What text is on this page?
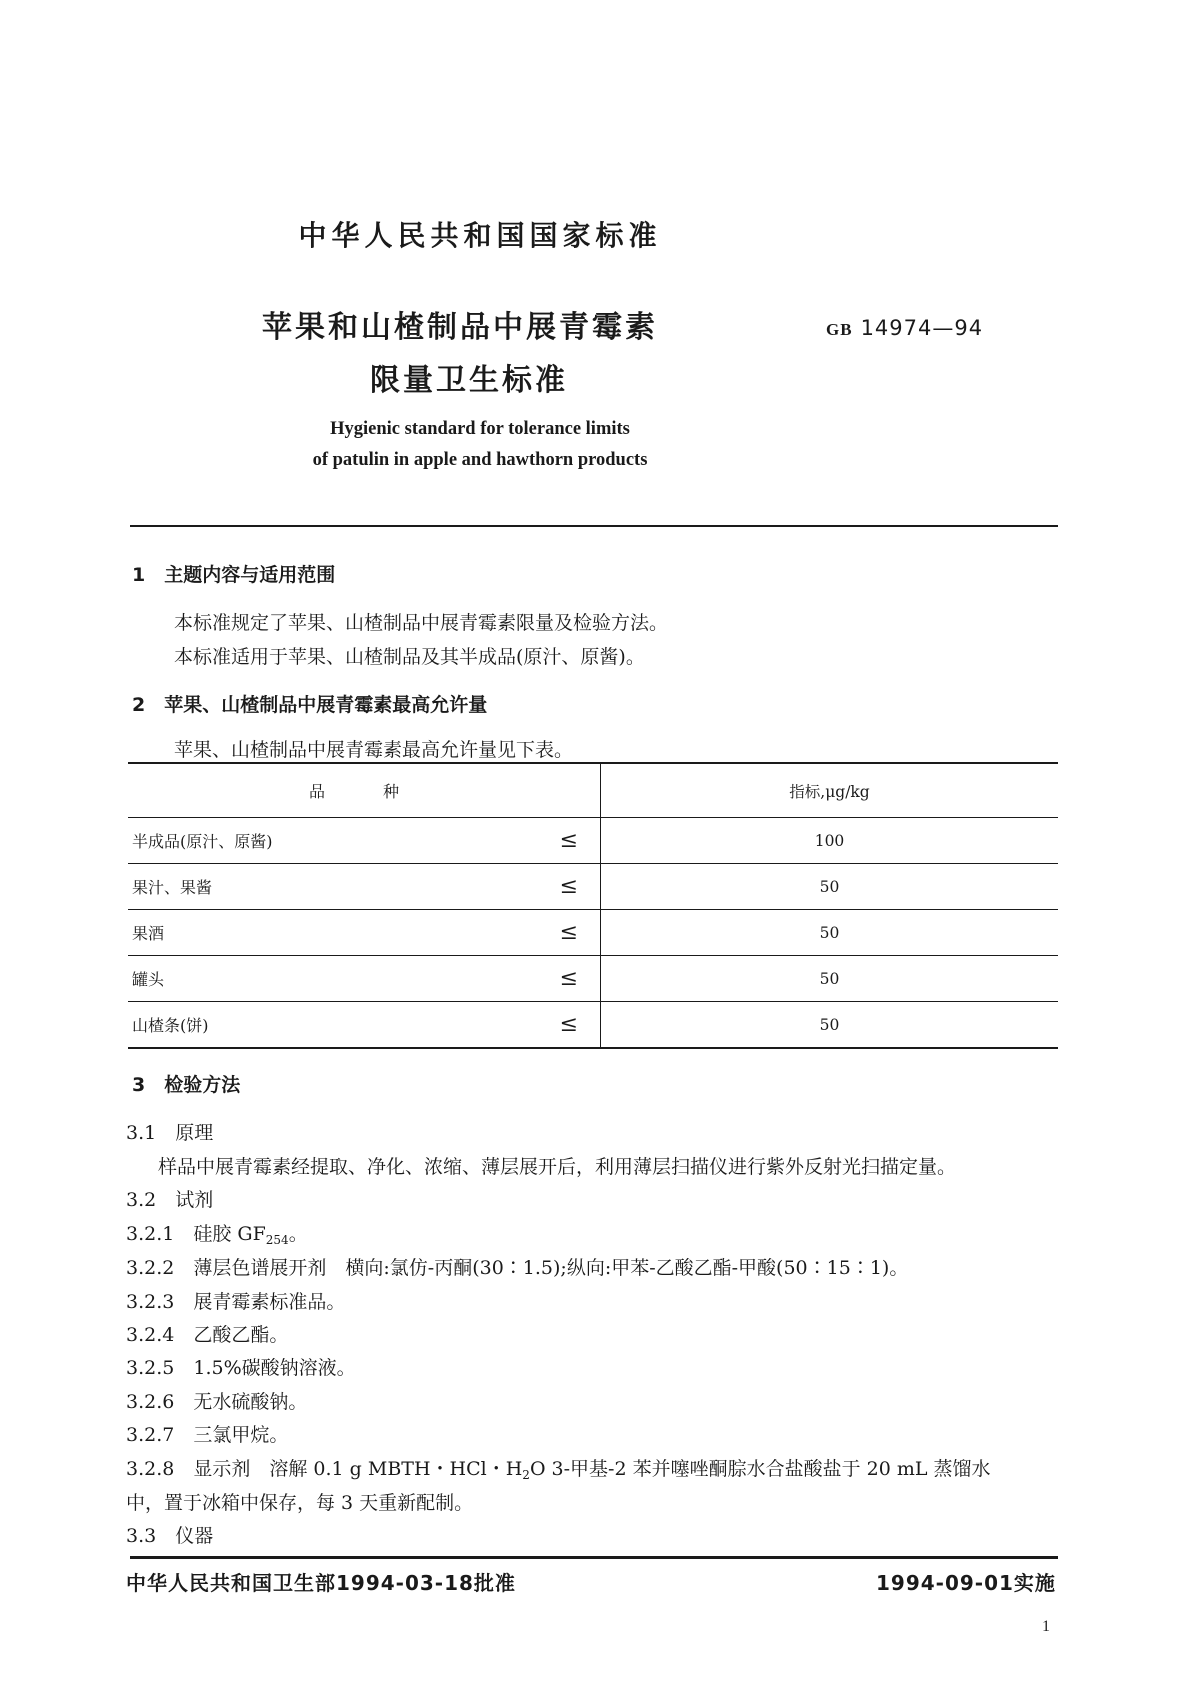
中华人民共和国国家标准

苹果和山楂制品中展青霉素

限量卫生标准

GB 14974—94

Hygienic standard for tolerance limits

of patulin in apple and hawthorn products

1　主题内容与适用范围

本标准规定了苹果、山楂制品中展青霉素限量及检验方法。

本标准适用于苹果、山楂制品及其半成品(原汁、原酱)。

2　苹果、山楂制品中展青霉素最高允许量

苹果、山楂制品中展青霉素最高允许量见下表。

品种	指标,μg/kg
半成品(原汁、原酱)	≤	100
果汁、果酱	≤	50
果酒	≤	50
罐头	≤	50
山楂条(饼)	≤	50

3　检验方法

3.1　 原理

样品中展青霉素经提取、净化、浓缩、薄层展开后，利用薄层扫描仪进行紫外反射光扫描定量。

3.2　 试剂

3.2.1　 硅胶 $GF_{254}$。

3.2.2　 薄层色谱展开剂　横向:氯仿-丙酮(30∶1.5);纵向:甲苯-乙酸乙酯-甲酸(50∶15∶1)。

3.2.3　 展青霉素标准品。

3.2.4　 乙酸乙酯。

3.2.5　 1.5%碳酸钠溶液。

3.2.6　 无水硫酸钠。

3.2.7　 三氯甲烷。

3.2.8　 显示剂　溶解 0.1 g MBTH・HCl・$H_2O$ 3-甲基-2 苯并噻唑酮腙水合盐酸盐于 20 mL 蒸馏水

中，置于冰箱中保存，每 3 天重新配制。

3.3　 仪器

中华人民共和国卫生部1994-03-18批准	1994-09-01实施

1
